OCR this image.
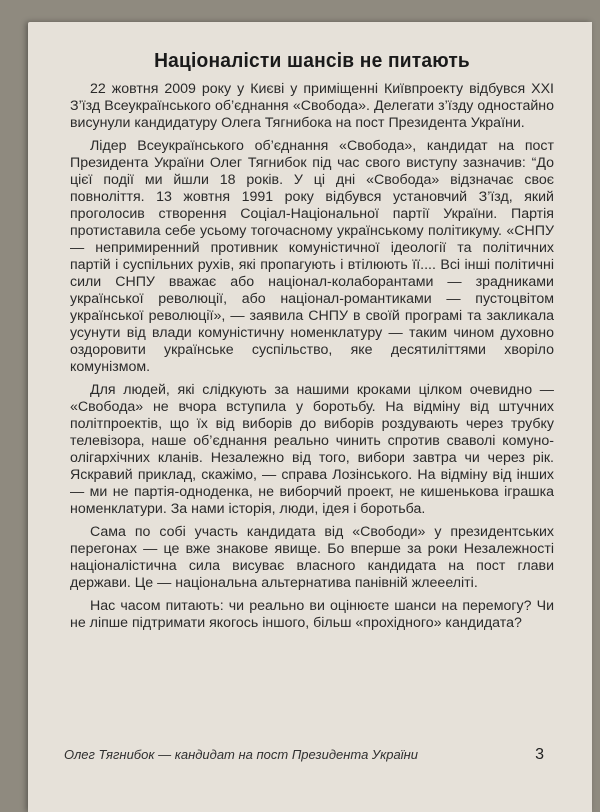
Націоналісти шансів не питають

22 жовтня 2009 року у Києві у приміщенні Київпроекту відбувся XXI З’їзд Всеукраїнського об’єднання «Свобода». Делегати з’їзду одностайно висунули кандидатуру Олега Тягнибока на пост Президента України.

Лідер Всеукраїнського об’єднання «Свобода», кандидат на пост Президента України Олег Тягнибок під час свого виступу зазначив: “До цієї події ми йшли 18 років. У ці дні «Свобода» відзначає своє повноліття. 13 жовтня 1991 року відбувся установчий З’їзд, який проголосив створення Соціал-Національної партії України. Партія протиставила себе усьому тогочасному українському політикуму. «СНПУ — непримиренний противник комуністичної ідеології та політичних партій і суспільних рухів, які пропагують і втілюють її.... Всі інші політичні сили СНПУ вважає або націонал-колаборантами — зрадниками української революції, або націонал-романтиками — пустоцвітом української революції», — заявила СНПУ в своїй програмі та закликала усунути від влади комуністичну номенклатуру — таким чином духовно оздоровити українське суспільство, яке десятиліттями хворіло комунізмом.

Для людей, які слідкують за нашими кроками цілком очевидно — «Свобода» не вчора вступила у боротьбу. На відміну від штучних політпроектів, що їх від виборів до виборів роздувають через трубку телевізора, наше об’єднання реально чинить спротив сваволі комуно-олігархічних кланів. Незалежно від того, вибори завтра чи через рік. Яскравий приклад, скажімо, — справа Лозінського. На відміну від інших — ми не партія-одноденка, не виборчий проект, не кишенькова іграшка номенклатури. За нами історія, люди, ідея і боротьба.

Сама по собі участь кандидата від «Свободи» у президентських перегонах — це вже знакове явище. Бо вперше за роки Незалежності націоналістична сила висуває власного кандидата на пост глави держави. Це — національна альтернатива панівній жлеееліті.

Нас часом питають: чи реально ви оцінюєте шанси на перемогу? Чи не ліпше підтримати якогось іншого, більш «прохідного» кандидата?

Олег Тягнибок — кандидат на пост Президента України	3
